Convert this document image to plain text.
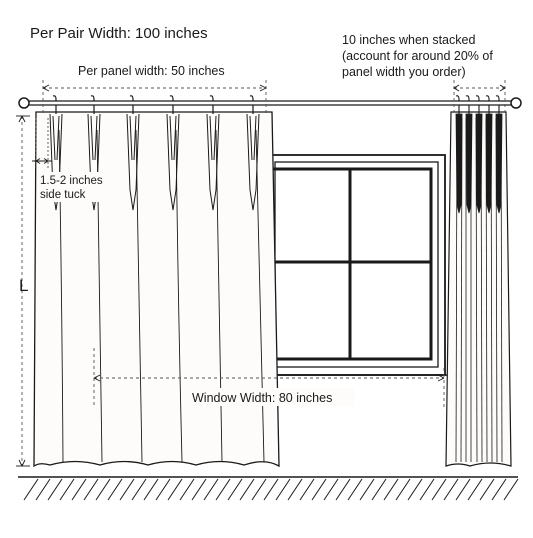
Per Pair Width: 100 inches	10 inches when stacked
(account for around 20% of
panel width you order)
Per panel width: 50 inches
1.5-2 inches
side tuck
L
Window Width: 80 inches
